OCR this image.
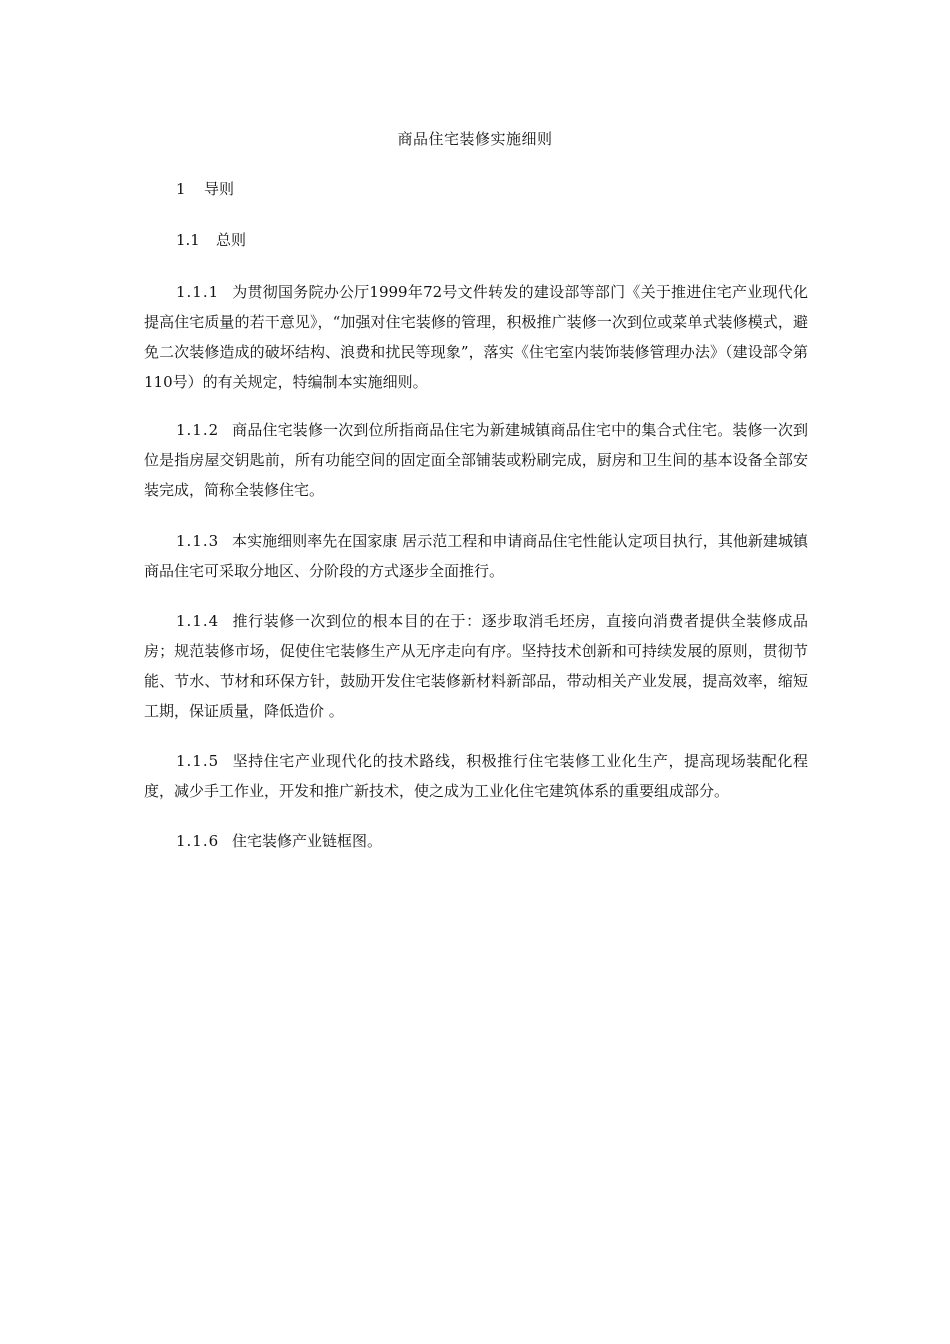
商品住宅装修实施细则
1 导则
1.1 总则
1.1.1 为贯彻国务院办公厅1999年72号文件转发的建设部等部门《关于推进住宅产业现代化提高住宅质量的若干意见》，“加强对住宅装修的管理，积极推广装修一次到位或菜单式装修模式，避免二次装修造成的破坏结构、浪费和扰民等现象”，落实《住宅室内装饰装修管理办法》（建设部令第110号）的有关规定，特编制本实施细则。
1.1.2 商品住宅装修一次到位所指商品住宅为新建城镇商品住宅中的集合式住宅。装修一次到位是指房屋交钥匙前，所有功能空间的固定面全部铺装或粉刷完成，厨房和卫生间的基本设备全部安装完成，简称全装修住宅。
1.1.3 本实施细则率先在国家康 居示范工程和申请商品住宅性能认定项目执行，其他新建城镇商品住宅可采取分地区、分阶段的方式逐步全面推行。
1.1.4 推行装修一次到位的根本目的在于：逐步取消毛坯房，直接向消费者提供全装修成品房；规范装修市场，促使住宅装修生产从无序走向有序。坚持技术创新和可持续发展的原则，贯彻节能、节水、节材和环保方针，鼓励开发住宅装修新材料新部品，带动相关产业发展，提高效率，缩短工期，保证质量，降低造价 。
1.1.5 坚持住宅产业现代化的技术路线，积极推行住宅装修工业化生产，提高现场装配化程度，减少手工作业，开发和推广新技术，使之成为工业化住宅建筑体系的重要组成部分。
1.1.6 住宅装修产业链框图。
